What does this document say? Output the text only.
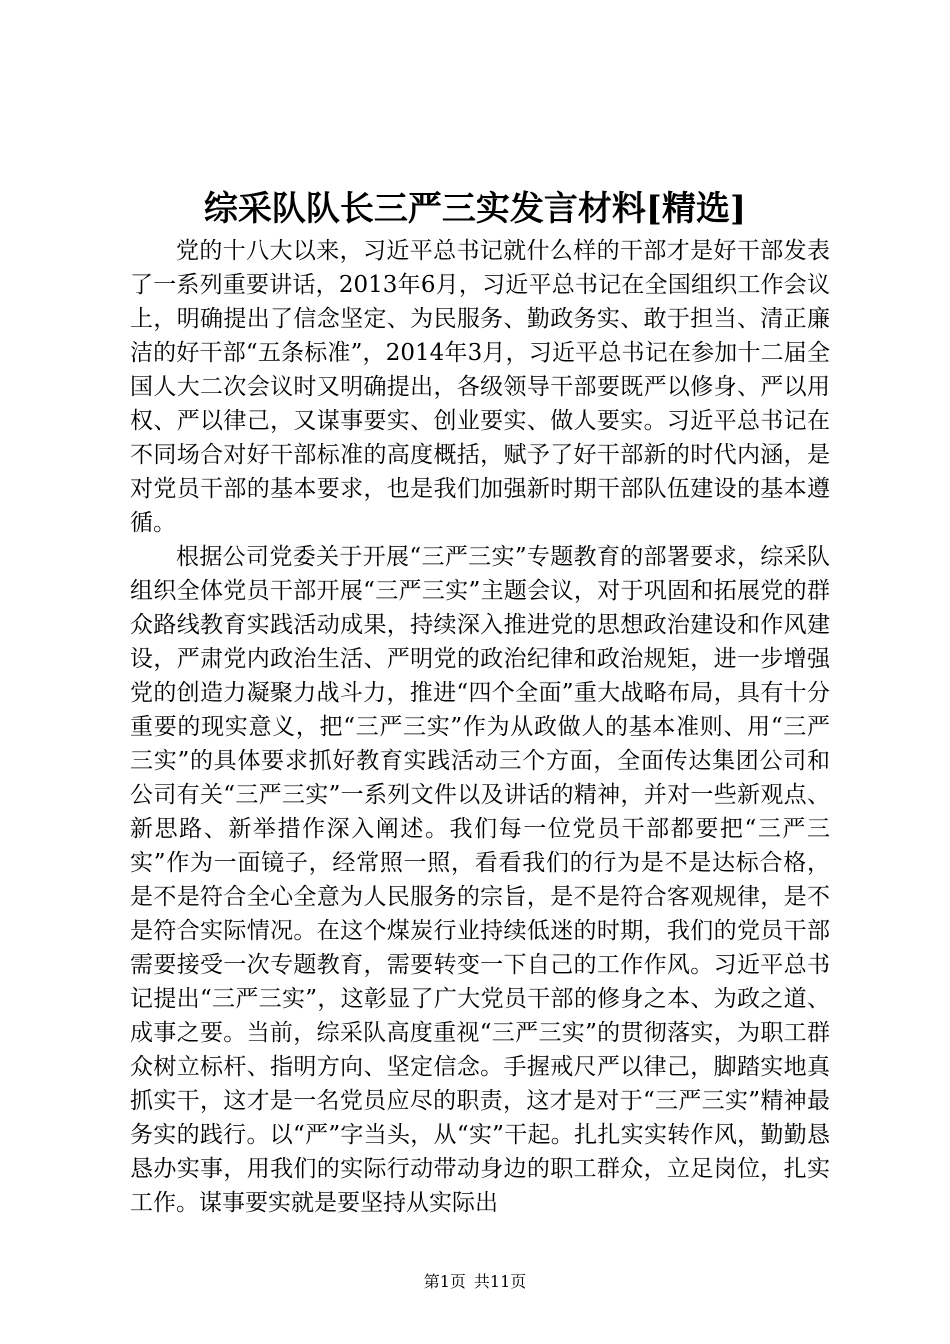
综采队队长三严三实发言材料[精选]

党的十八大以来，习近平总书记就什么样的干部才是好干部发表了一系列重要讲话，2013年6月，习近平总书记在全国组织工作会议上，明确提出了信念坚定、为民服务、勤政务实、敢于担当、清正廉洁的好干部“五条标准”，2014年3月，习近平总书记在参加十二届全国人大二次会议时又明确提出，各级领导干部要既严以修身、严以用权、严以律己，又谋事要实、创业要实、做人要实。习近平总书记在不同场合对好干部标准的高度概括，赋予了好干部新的时代内涵，是对党员干部的基本要求，也是我们加强新时期干部队伍建设的基本遵循。

根据公司党委关于开展“三严三实”专题教育的部署要求，综采队组织全体党员干部开展“三严三实”主题会议，对于巩固和拓展党的群众路线教育实践活动成果，持续深入推进党的思想政治建设和作风建设，严肃党内政治生活、严明党的政治纪律和政治规矩，进一步增强党的创造力凝聚力战斗力，推进“四个全面”重大战略布局，具有十分重要的现实意义，把“三严三实”作为从政做人的基本准则、用“三严三实”的具体要求抓好教育实践活动三个方面，全面传达集团公司和公司有关“三严三实”一系列文件以及讲话的精神，并对一些新观点、新思路、新举措作深入阐述。我们每一位党员干部都要把“三严三实”作为一面镜子，经常照一照，看看我们的行为是不是达标合格，是不是符合全心全意为人民服务的宗旨，是不是符合客观规律，是不是符合实际情况。在这个煤炭行业持续低迷的时期，我们的党员干部需要接受一次专题教育，需要转变一下自己的工作作风。习近平总书记提出“三严三实”，这彰显了广大党员干部的修身之本、为政之道、成事之要。当前，综采队高度重视“三严三实”的贯彻落实，为职工群众树立标杆、指明方向、坚定信念。手握戒尺严以律己，脚踏实地真抓实干，这才是一名党员应尽的职责，这才是对于“三严三实”精神最务实的践行。以“严”字当头，从“实”干起。扎扎实实转作风，勤勤恳恳办实事，用我们的实际行动带动身边的职工群众，立足岗位，扎实工作。谋事要实就是要坚持从实际出

第1页 共11页
